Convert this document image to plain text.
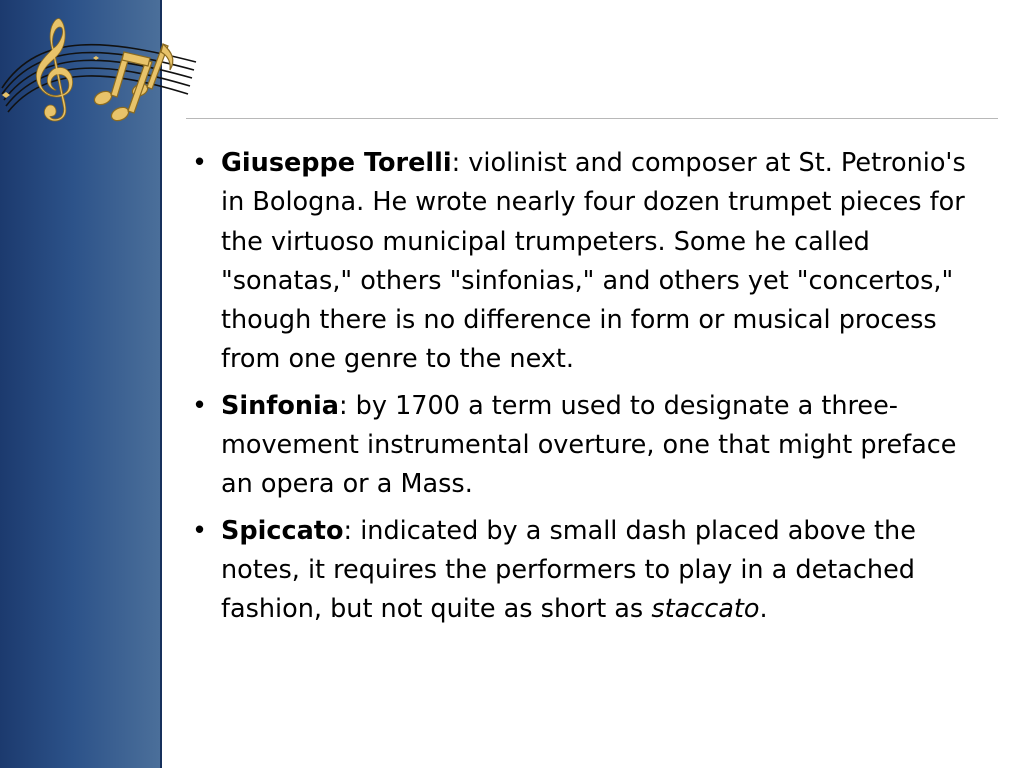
𝄞
• Giuseppe Torelli: violinist and composer at St. Petronio's in Bologna. He wrote nearly four dozen trumpet pieces for the virtuoso municipal trumpeters. Some he called "sonatas," others "sinfonias," and others yet "concertos," though there is no difference in form or musical process from one genre to the next.
• Sinfonia: by 1700 a term used to designate a three-movement instrumental overture, one that might preface an opera or a Mass.
• Spiccato: indicated by a small dash placed above the notes, it requires the performers to play in a detached fashion, but not quite as short as staccato.
